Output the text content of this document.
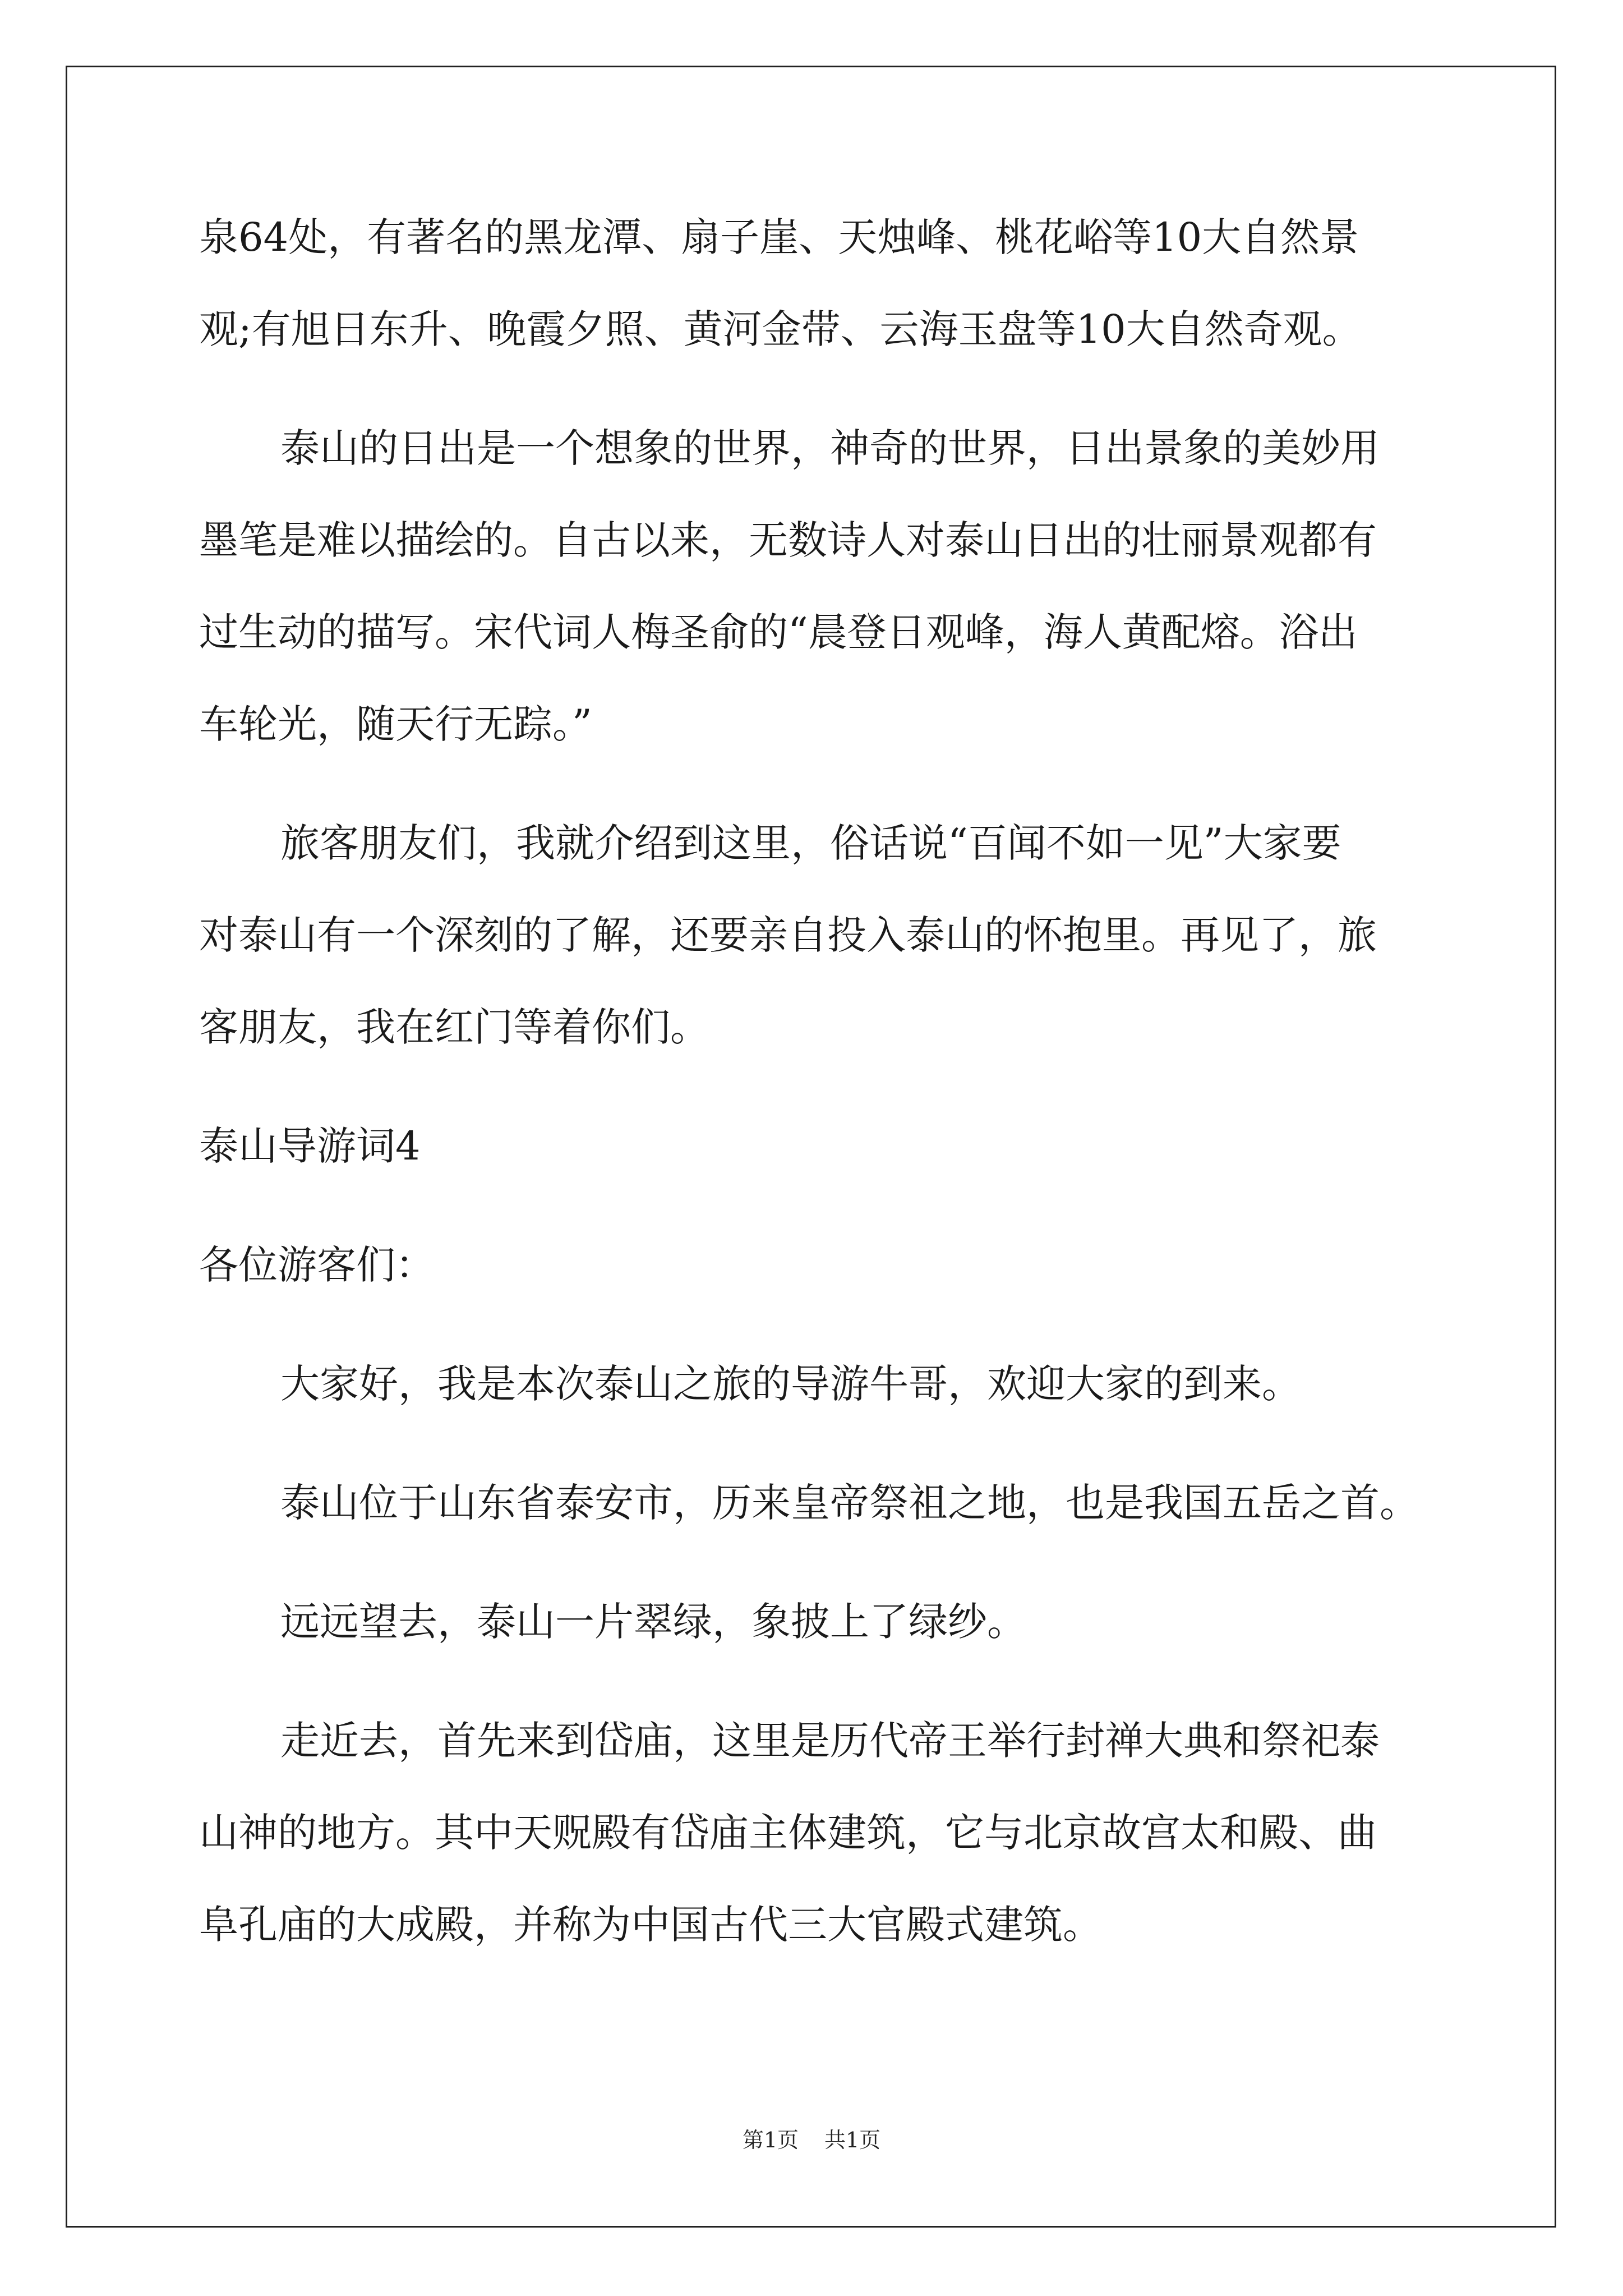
泉64处，有著名的黑龙潭、扇子崖、天烛峰、桃花峪等10大自然景
观;有旭日东升、晚霞夕照、黄河金带、云海玉盘等10大自然奇观。
泰山的日出是一个想象的世界，神奇的世界，日出景象的美妙用
墨笔是难以描绘的。自古以来，无数诗人对泰山日出的壮丽景观都有
过生动的描写。宋代词人梅圣俞的“晨登日观峰，海人黄配熔。浴出
车轮光，随天行无踪。”
旅客朋友们，我就介绍到这里，俗话说“百闻不如一见”大家要
对泰山有一个深刻的了解，还要亲自投入泰山的怀抱里。再见了，旅
客朋友，我在红门等着你们。
泰山导游词4
各位游客们：
大家好，我是本次泰山之旅的导游牛哥，欢迎大家的到来。
泰山位于山东省泰安市，历来皇帝祭祖之地，也是我国五岳之首。
远远望去，泰山一片翠绿，象披上了绿纱。
走近去，首先来到岱庙，这里是历代帝王举行封禅大典和祭祀泰
山神的地方。其中天贶殿有岱庙主体建筑，它与北京故宫太和殿、曲
阜孔庙的大成殿，并称为中国古代三大官殿式建筑。
第1页 共1页
